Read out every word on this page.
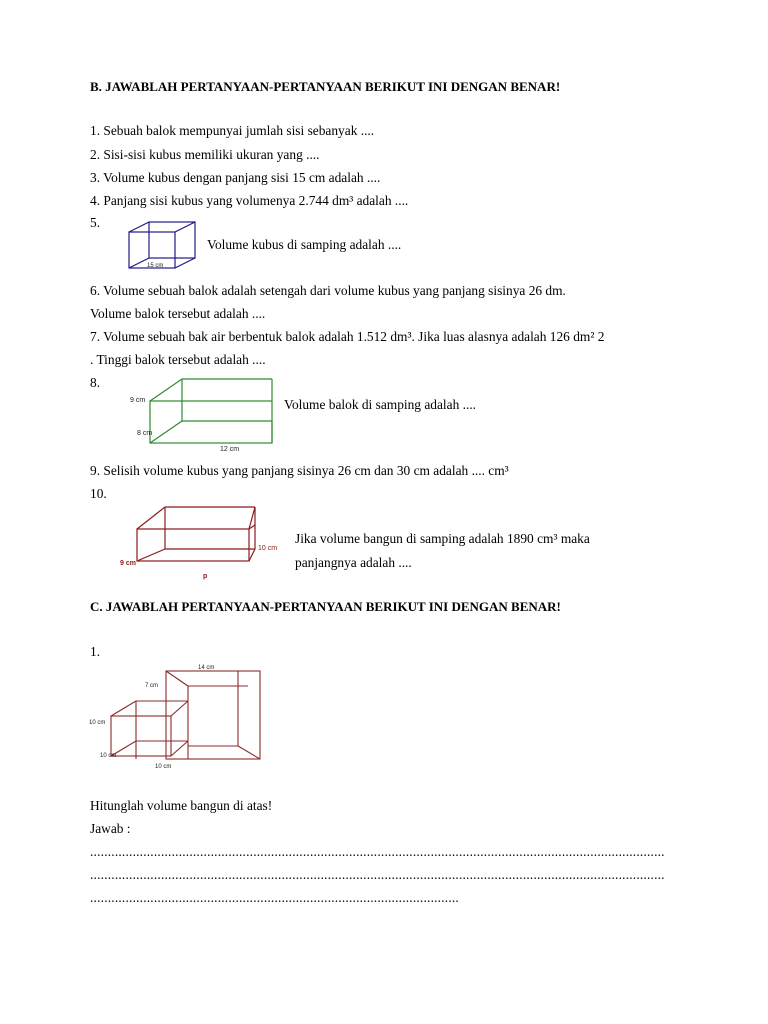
B. JAWABLAH PERTANYAAN-PERTANYAAN BERIKUT INI DENGAN BENAR!
1. Sebuah balok mempunyai jumlah sisi sebanyak ....
2. Sisi-sisi kubus memiliki ukuran yang ....
3. Volume kubus dengan panjang sisi 15 cm adalah ....
4. Panjang sisi kubus yang volumenya 2.744 dm³ adalah ....
5.
15 cm
Volume kubus di samping adalah ....
6. Volume sebuah balok adalah setengah dari volume kubus yang panjang sisinya 26 dm.
Volume balok tersebut adalah ....
7. Volume sebuah bak air berbentuk balok adalah 1.512 dm³. Jika luas alasnya adalah 126 dm² 2
. Tinggi balok tersebut adalah ....
8.
9 cm
8 cm
12 cm
Volume balok di samping adalah ....
9. Selisih volume kubus yang panjang sisinya 26 cm dan 30 cm adalah .... cm³
10.
10 cm
9 cm
p
Jika volume bangun di samping adalah 1890 cm³ maka
panjangnya adalah ....
C. JAWABLAH PERTANYAAN-PERTANYAAN BERIKUT INI DENGAN BENAR!
1.
14 cm
7 cm
10 cm
10 cm
10 cm
Hitunglah volume bangun di atas!
Jawab :
..................................................................................................................................................................
..................................................................................................................................................................
........................................................................................................
